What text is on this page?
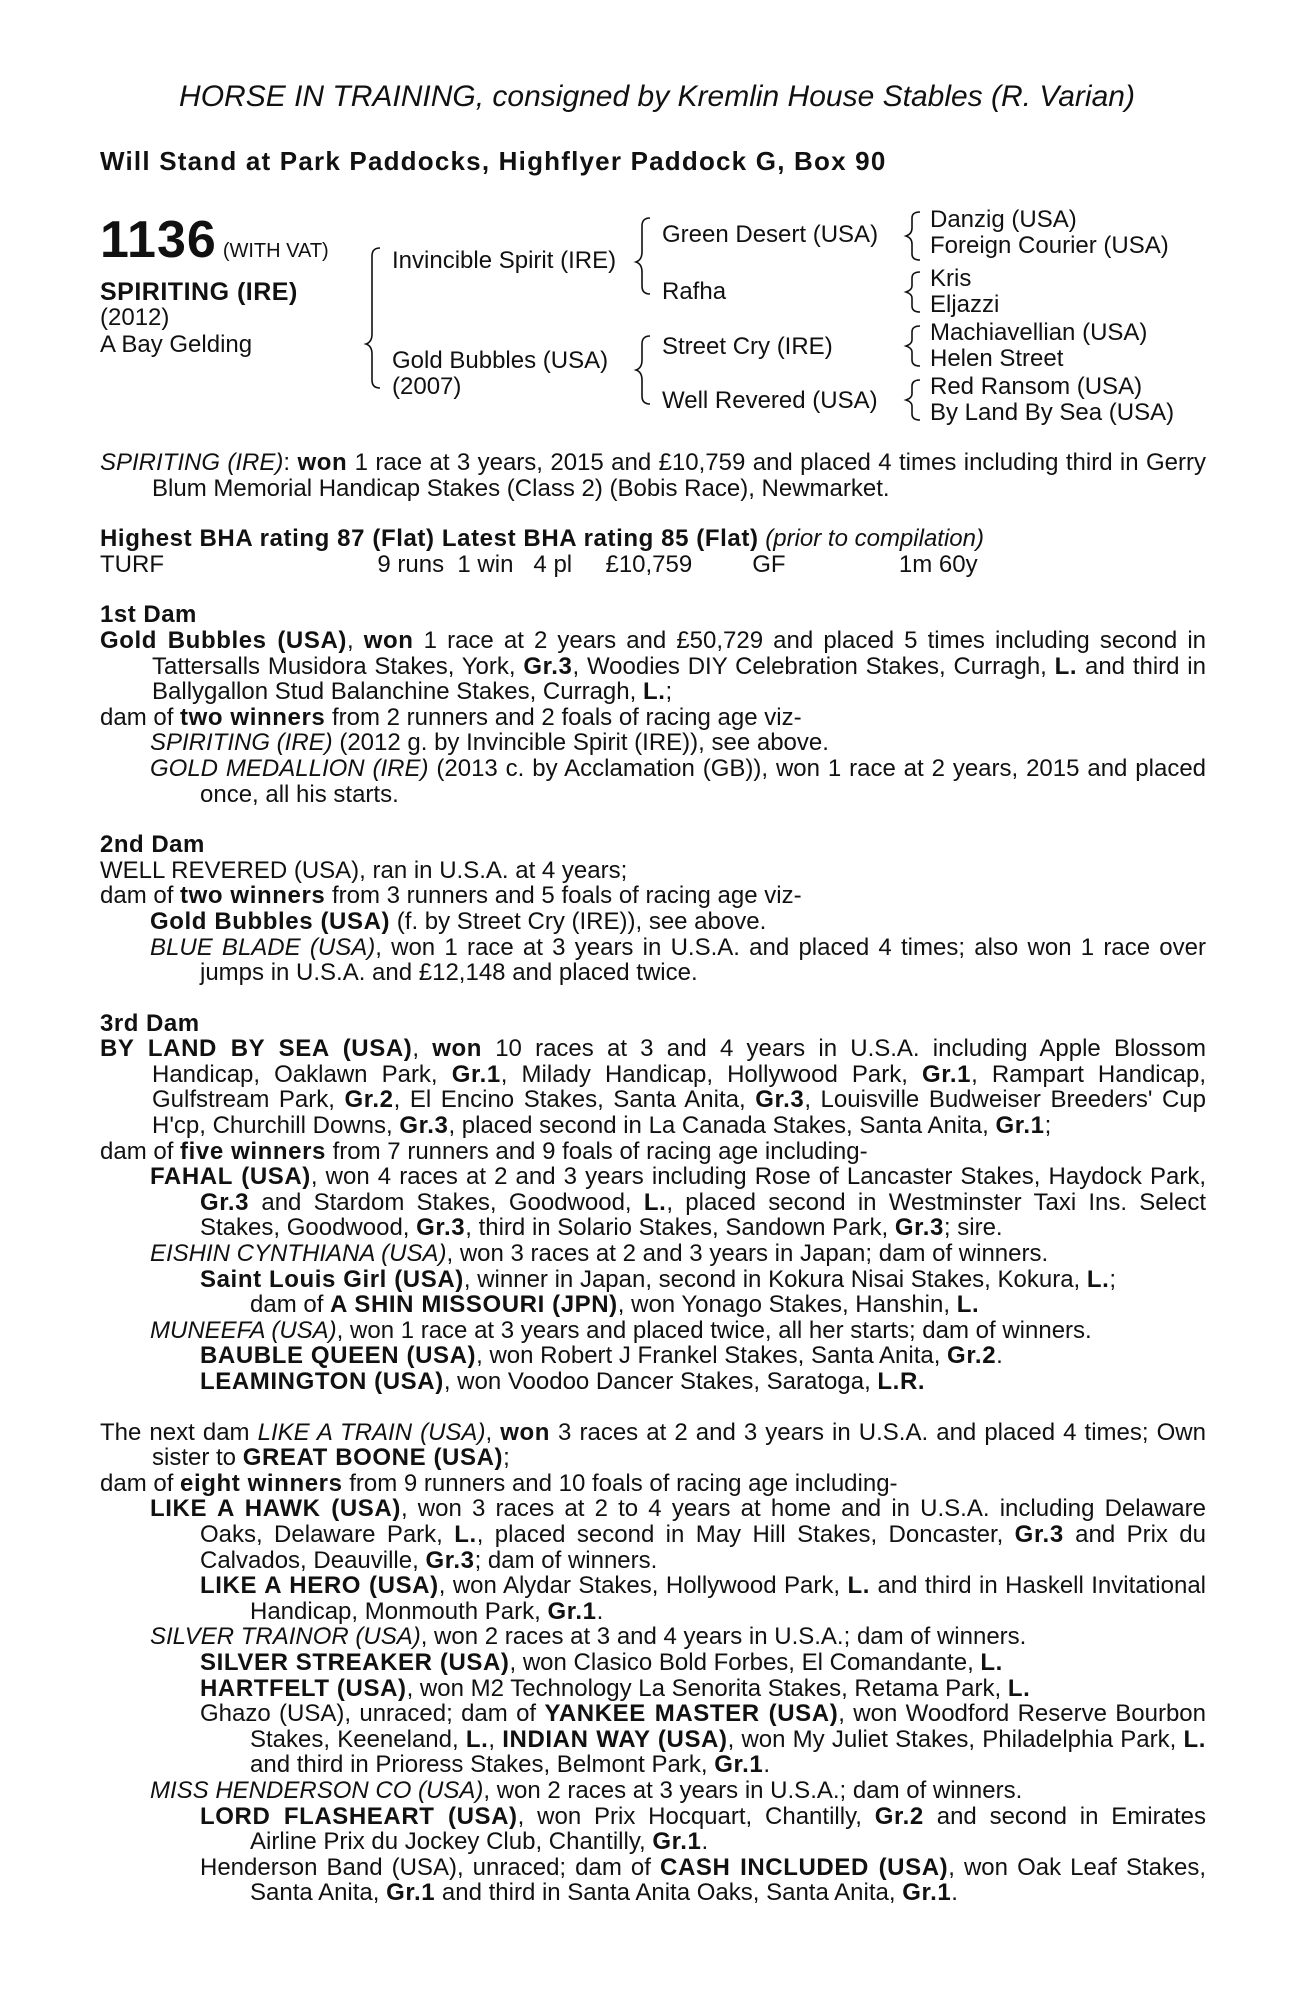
HORSE IN TRAINING, consigned by Kremlin House Stables (R. Varian)
Will Stand at Park Paddocks, Highflyer Paddock G, Box 90
1136 (WITH VAT)
SPIRITING (IRE)
(2012)
A Bay Gelding
Invincible Spirit (IRE)
Gold Bubbles (USA)
(2007)
Green Desert (USA)
Rafha
Street Cry (IRE)
Well Revered (USA)
Danzig (USA)
Foreign Courier (USA)
Kris
Eljazzi
Machiavellian (USA)
Helen Street
Red Ransom (USA)
By Land By Sea (USA)

SPIRITING (IRE): won 1 race at 3 years, 2015 and £10,759 and placed 4 times including third in Gerry Blum Memorial Handicap Stakes (Class 2) (Bobis Race), Newmarket.

Highest BHA rating 87 (Flat) Latest BHA rating 85 (Flat) (prior to compilation)

TURF                                9 runs  1 win   4 pl     £10,759         GF                 1m 60y

1st Dam

Gold Bubbles (USA), won 1 race at 2 years and £50,729 and placed 5 times including second in Tattersalls Musidora Stakes, York, Gr.3, Woodies DIY Celebration Stakes, Curragh, L. and third in Ballygallon Stud Balanchine Stakes, Curragh, L.;

dam of two winners from 2 runners and 2 foals of racing age viz-

SPIRITING (IRE) (2012 g. by Invincible Spirit (IRE)), see above.

GOLD MEDALLION (IRE) (2013 c. by Acclamation (GB)), won 1 race at 2 years, 2015 and placed once, all his starts.

2nd Dam

WELL REVERED (USA), ran in U.S.A. at 4 years;

dam of two winners from 3 runners and 5 foals of racing age viz-

Gold Bubbles (USA) (f. by Street Cry (IRE)), see above.

BLUE BLADE (USA), won 1 race at 3 years in U.S.A. and placed 4 times; also won 1 race over jumps in U.S.A. and £12,148 and placed twice.

3rd Dam

BY LAND BY SEA (USA), won 10 races at 3 and 4 years in U.S.A. including Apple Blossom Handicap, Oaklawn Park, Gr.1, Milady Handicap, Hollywood Park, Gr.1, Rampart Handicap, Gulfstream Park, Gr.2, El Encino Stakes, Santa Anita, Gr.3, Louisville Budweiser Breeders' Cup H'cp, Churchill Downs, Gr.3, placed second in La Canada Stakes, Santa Anita, Gr.1;

dam of five winners from 7 runners and 9 foals of racing age including-

FAHAL (USA), won 4 races at 2 and 3 years including Rose of Lancaster Stakes, Haydock Park, Gr.3 and Stardom Stakes, Goodwood, L., placed second in Westminster Taxi Ins. Select Stakes, Goodwood, Gr.3, third in Solario Stakes, Sandown Park, Gr.3; sire.

EISHIN CYNTHIANA (USA), won 3 races at 2 and 3 years in Japan; dam of winners.

Saint Louis Girl (USA), winner in Japan, second in Kokura Nisai Stakes, Kokura, L.;

dam of A SHIN MISSOURI (JPN), won Yonago Stakes, Hanshin, L.

MUNEEFA (USA), won 1 race at 3 years and placed twice, all her starts; dam of winners.

BAUBLE QUEEN (USA), won Robert J Frankel Stakes, Santa Anita, Gr.2.

LEAMINGTON (USA), won Voodoo Dancer Stakes, Saratoga, L.R.

The next dam LIKE A TRAIN (USA), won 3 races at 2 and 3 years in U.S.A. and placed 4 times; Own sister to GREAT BOONE (USA);

dam of eight winners from 9 runners and 10 foals of racing age including-

LIKE A HAWK (USA), won 3 races at 2 to 4 years at home and in U.S.A. including Delaware Oaks, Delaware Park, L., placed second in May Hill Stakes, Doncaster, Gr.3 and Prix du Calvados, Deauville, Gr.3; dam of winners.

LIKE A HERO (USA), won Alydar Stakes, Hollywood Park, L. and third in Haskell Invitational Handicap, Monmouth Park, Gr.1.

SILVER TRAINOR (USA), won 2 races at 3 and 4 years in U.S.A.; dam of winners.

SILVER STREAKER (USA), won Clasico Bold Forbes, El Comandante, L.

HARTFELT (USA), won M2 Technology La Senorita Stakes, Retama Park, L.

Ghazo (USA), unraced; dam of YANKEE MASTER (USA), won Woodford Reserve Bourbon Stakes, Keeneland, L., INDIAN WAY (USA), won My Juliet Stakes, Philadelphia Park, L. and third in Prioress Stakes, Belmont Park, Gr.1.

MISS HENDERSON CO (USA), won 2 races at 3 years in U.S.A.; dam of winners.

LORD FLASHEART (USA), won Prix Hocquart, Chantilly, Gr.2 and second in Emirates Airline Prix du Jockey Club, Chantilly, Gr.1.

Henderson Band (USA), unraced; dam of CASH INCLUDED (USA), won Oak Leaf Stakes, Santa Anita, Gr.1 and third in Santa Anita Oaks, Santa Anita, Gr.1.
